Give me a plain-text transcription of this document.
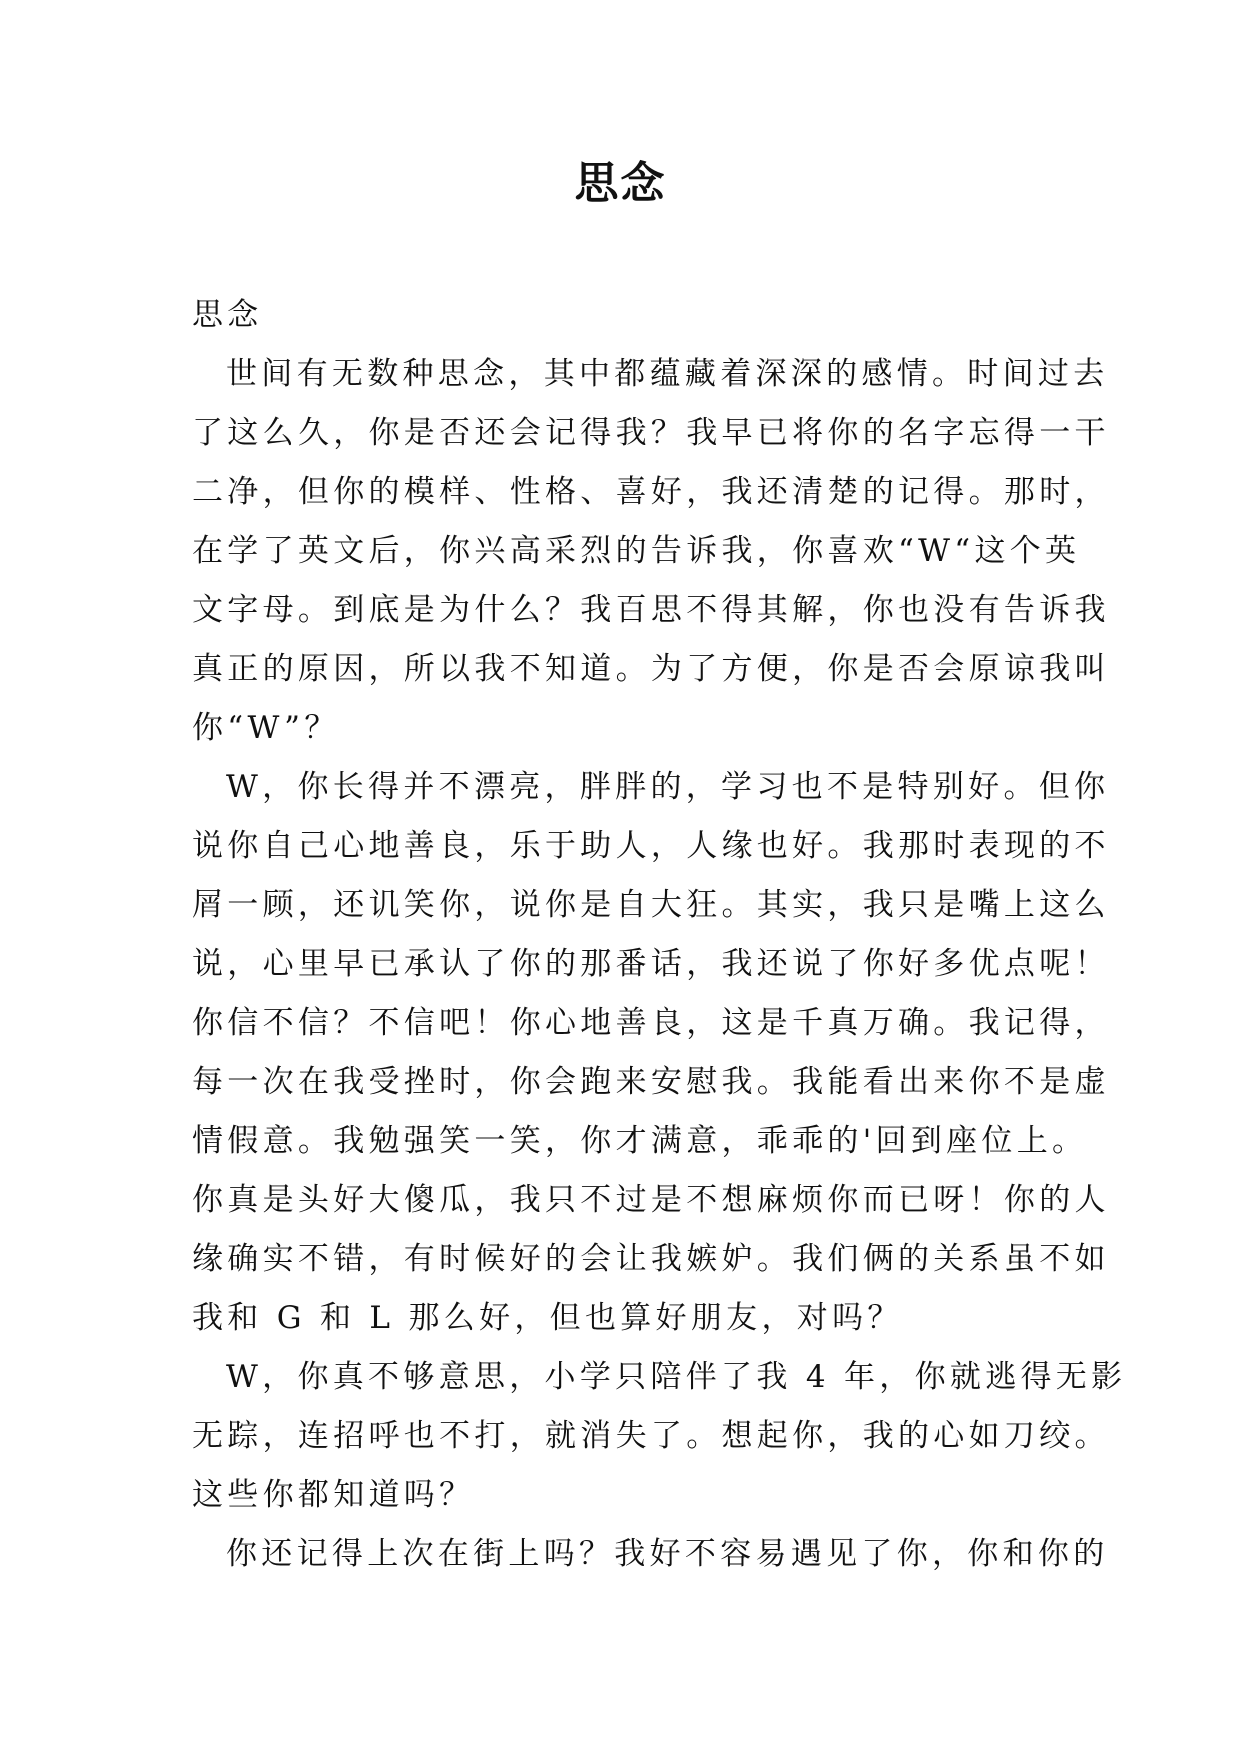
思念
思念
世间有无数种思念，其中都蕴藏着深深的感情。时间过去
了这么久，你是否还会记得我？我早已将你的名字忘得一干
二净，但你的模样、性格、喜好，我还清楚的记得。那时，
在学了英文后，你兴高采烈的告诉我，你喜欢“W“这个英
文字母。到底是为什么？我百思不得其解，你也没有告诉我
真正的原因，所以我不知道。为了方便，你是否会原谅我叫
你“W”？
W，你长得并不漂亮，胖胖的，学习也不是特别好。但你
说你自己心地善良，乐于助人，人缘也好。我那时表现的不
屑一顾，还讥笑你，说你是自大狂。其实，我只是嘴上这么
说，心里早已承认了你的那番话，我还说了你好多优点呢！
你信不信？不信吧！你心地善良，这是千真万确。我记得，
每一次在我受挫时，你会跑来安慰我。我能看出来你不是虚
情假意。我勉强笑一笑，你才满意，乖乖的'回到座位上。
你真是头好大傻瓜，我只不过是不想麻烦你而已呀！你的人
缘确实不错，有时候好的会让我嫉妒。我们俩的关系虽不如
我和 G 和 L 那么好，但也算好朋友，对吗？
W，你真不够意思，小学只陪伴了我 4 年，你就逃得无影
无踪，连招呼也不打，就消失了。想起你，我的心如刀绞。
这些你都知道吗？
你还记得上次在街上吗？我好不容易遇见了你，你和你的
